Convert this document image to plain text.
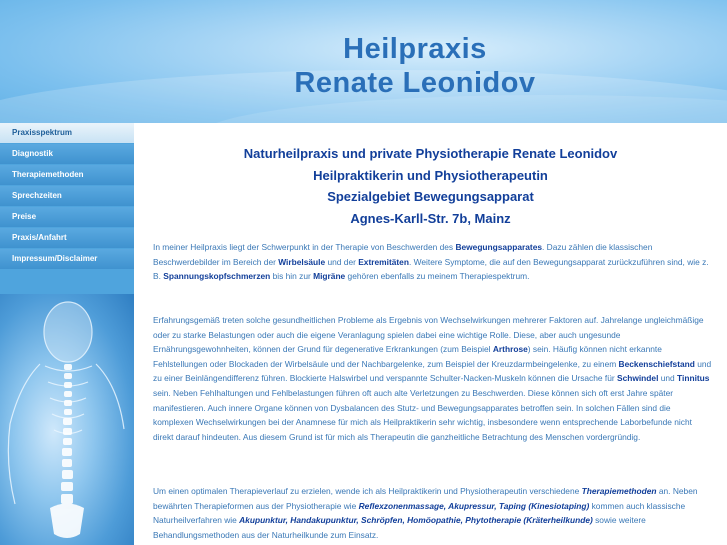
Heilpraxis
Renate Leonidov
Praxisspektrum
Diagnostik
Therapiemethoden
Sprechzeiten
Preise
Praxis/Anfahrt
Impressum/Disclaimer
Naturheilpraxis und private Physiotherapie Renate Leonidov
Heilpraktikerin und Physiotherapeutin
Spezialgebiet Bewegungsapparat
Agnes-Karll-Str. 7b, Mainz

In meiner Heilpraxis liegt der Schwerpunkt in der Therapie von Beschwerden des Bewegungsapparates. Dazu zählen die klassischen Beschwerdebilder im Bereich der Wirbelsäule und der Extremitäten. Weitere Symptome, die auf den Bewegungsapparat zurückzuführen sind, wie z. B. Spannungskopfschmerzen bis hin zur Migräne gehören ebenfalls zu meinem Therapiespektrum.

Erfahrungsgemäß treten solche gesundheitlichen Probleme als Ergebnis von Wechselwirkungen mehrerer Faktoren auf. Jahrelange ungleichmäßige oder zu starke Belastungen oder auch die eigene Veranlagung spielen dabei eine wichtige Rolle. Diese, aber auch ungesunde Ernährungsgewohnheiten, können der Grund für degenerative Erkrankungen (zum Beispiel Arthrose) sein. Häufig können nicht erkannte Fehlstellungen oder Blockaden der Wirbelsäule und der Nachbargelenke, zum Beispiel der Kreuzdarmbeingelenke, zu einem Beckenschiefstand und zu einer Beinlängendifferenz führen. Blockierte Halswirbel und verspannte Schulter-Nacken-Muskeln können die Ursache für Schwindel und Tinnitus sein. Neben Fehlhaltungen und Fehlbelastungen führen oft auch alte Verletzungen zu Beschwerden. Diese können sich oft erst Jahre später manifestieren. Auch innere Organe können von Dysbalancen des Stutz- und Bewegungsapparates betroffen sein. In solchen Fällen sind die komplexen Wechselwirkungen bei der Anamnese für mich als Heilpraktikerin sehr wichtig, insbesondere wenn entsprechende Laborbefunde nicht direkt darauf hindeuten. Aus diesem Grund ist für mich als Therapeutin die ganzheitliche Betrachtung des Menschen vordergründig.

Um einen optimalen Therapieverlauf zu erzielen, wende ich als Heilpraktikerin und Physiotherapeutin verschiedene Therapiemethoden an. Neben bewährten Therapieformen aus der Physiotherapie wie Reflexzonenmassage, Akupressur, Taping (Kinesiotaping) kommen auch klassische Naturheilverfahren wie Akupunktur, Handakupunktur, Schröpfen, Homöopathie, Phytotherapie (Kräterheilkunde) sowie weitere Behandlungsmethoden aus der Naturheilkunde zum Einsatz.
